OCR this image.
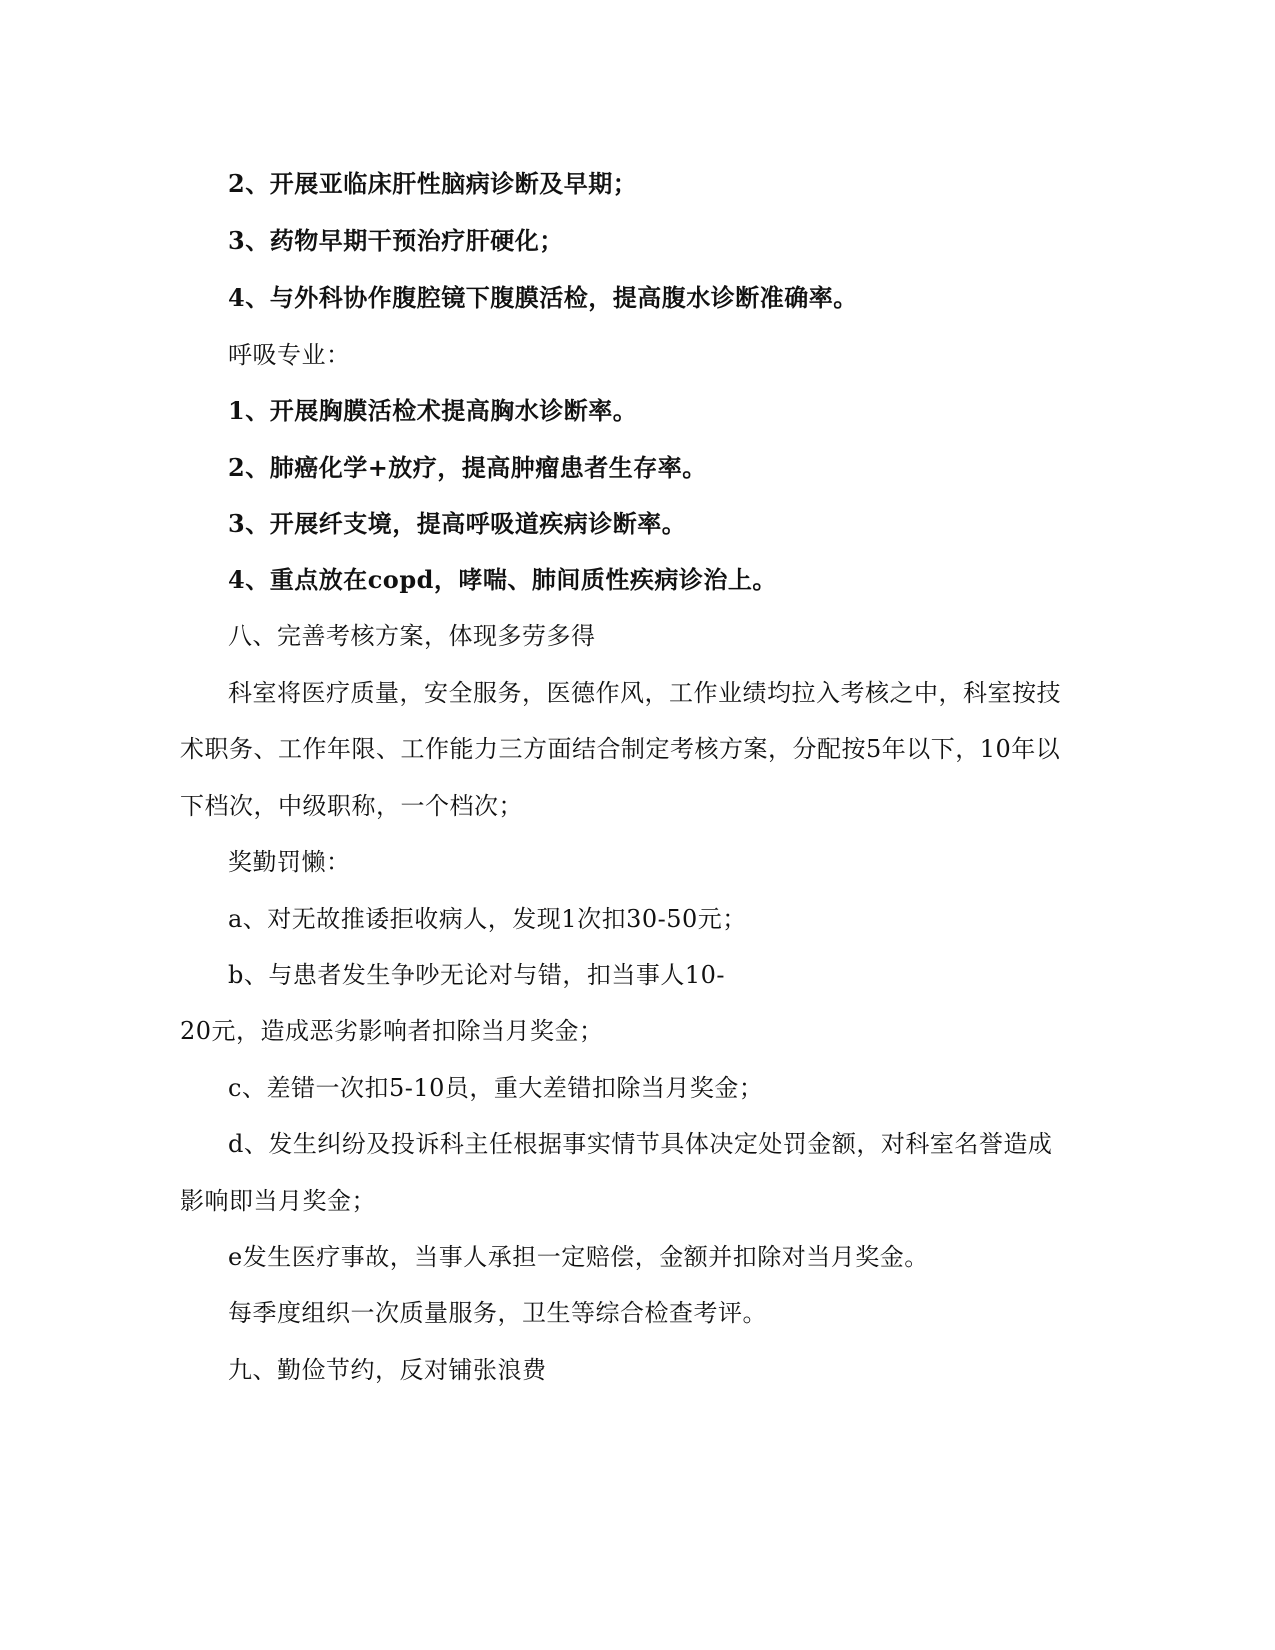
2、开展亚临床肝性脑病诊断及早期；
3、药物早期干预治疗肝硬化；
4、与外科协作腹腔镜下腹膜活检，提高腹水诊断准确率。
呼吸专业：
1、开展胸膜活检术提高胸水诊断率。
2、肺癌化学+放疗，提高肿瘤患者生存率。
3、开展纤支境，提高呼吸道疾病诊断率。
4、重点放在copd，哮喘、肺间质性疾病诊治上。
八、完善考核方案，体现多劳多得
科室将医疗质量，安全服务，医德作风，工作业绩均拉入考核之中，科室按技
术职务、工作年限、工作能力三方面结合制定考核方案，分配按5年以下，10年以
下档次，中级职称，一个档次；
奖勤罚懒：
a、对无故推诿拒收病人，发现1次扣30-50元；
b、与患者发生争吵无论对与错，扣当事人10-
20元，造成恶劣影响者扣除当月奖金；
c、差错一次扣5-10员，重大差错扣除当月奖金；
d、发生纠纷及投诉科主任根据事实情节具体决定处罚金额，对科室名誉造成
影响即当月奖金；
e发生医疗事故，当事人承担一定赔偿，金额并扣除对当月奖金。
每季度组织一次质量服务，卫生等综合检查考评。
九、勤俭节约，反对铺张浪费
